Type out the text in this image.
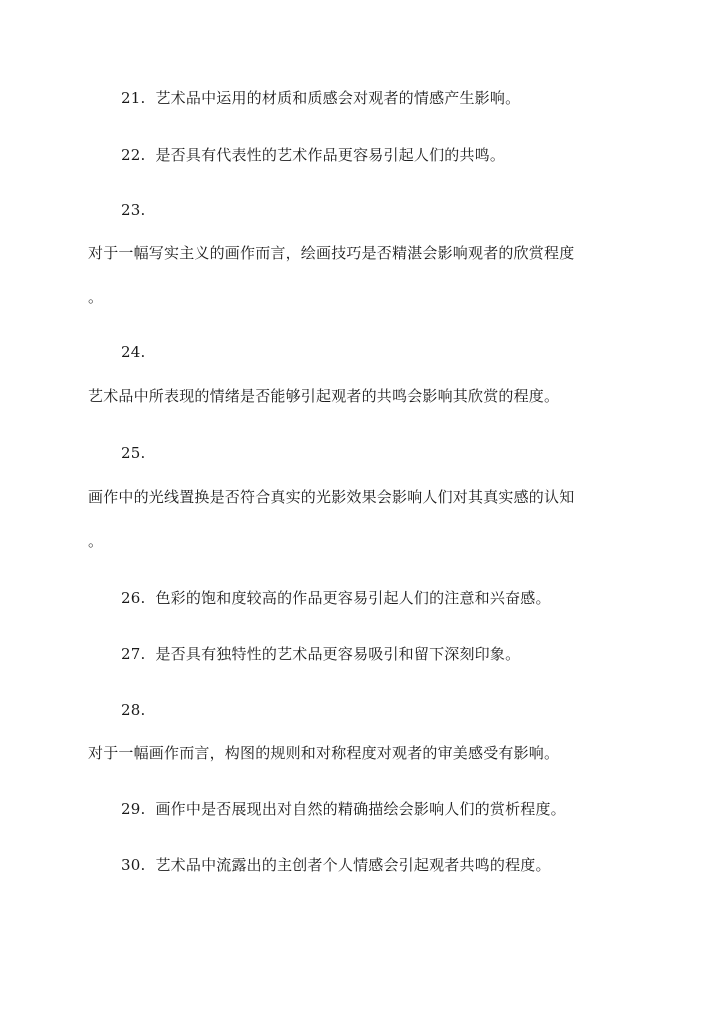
21. 艺术品中运用的材质和质感会对观者的情感产生影响。
22. 是否具有代表性的艺术作品更容易引起人们的共鸣。
23.
对于一幅写实主义的画作而言，绘画技巧是否精湛会影响观者的欣赏程度
。
24.
艺术品中所表现的情绪是否能够引起观者的共鸣会影响其欣赏的程度。
25.
画作中的光线置换是否符合真实的光影效果会影响人们对其真实感的认知
。
26. 色彩的饱和度较高的作品更容易引起人们的注意和兴奋感。
27. 是否具有独特性的艺术品更容易吸引和留下深刻印象。
28.
对于一幅画作而言，构图的规则和对称程度对观者的审美感受有影响。
29. 画作中是否展现出对自然的精确描绘会影响人们的赏析程度。
30. 艺术品中流露出的主创者个人情感会引起观者共鸣的程度。
